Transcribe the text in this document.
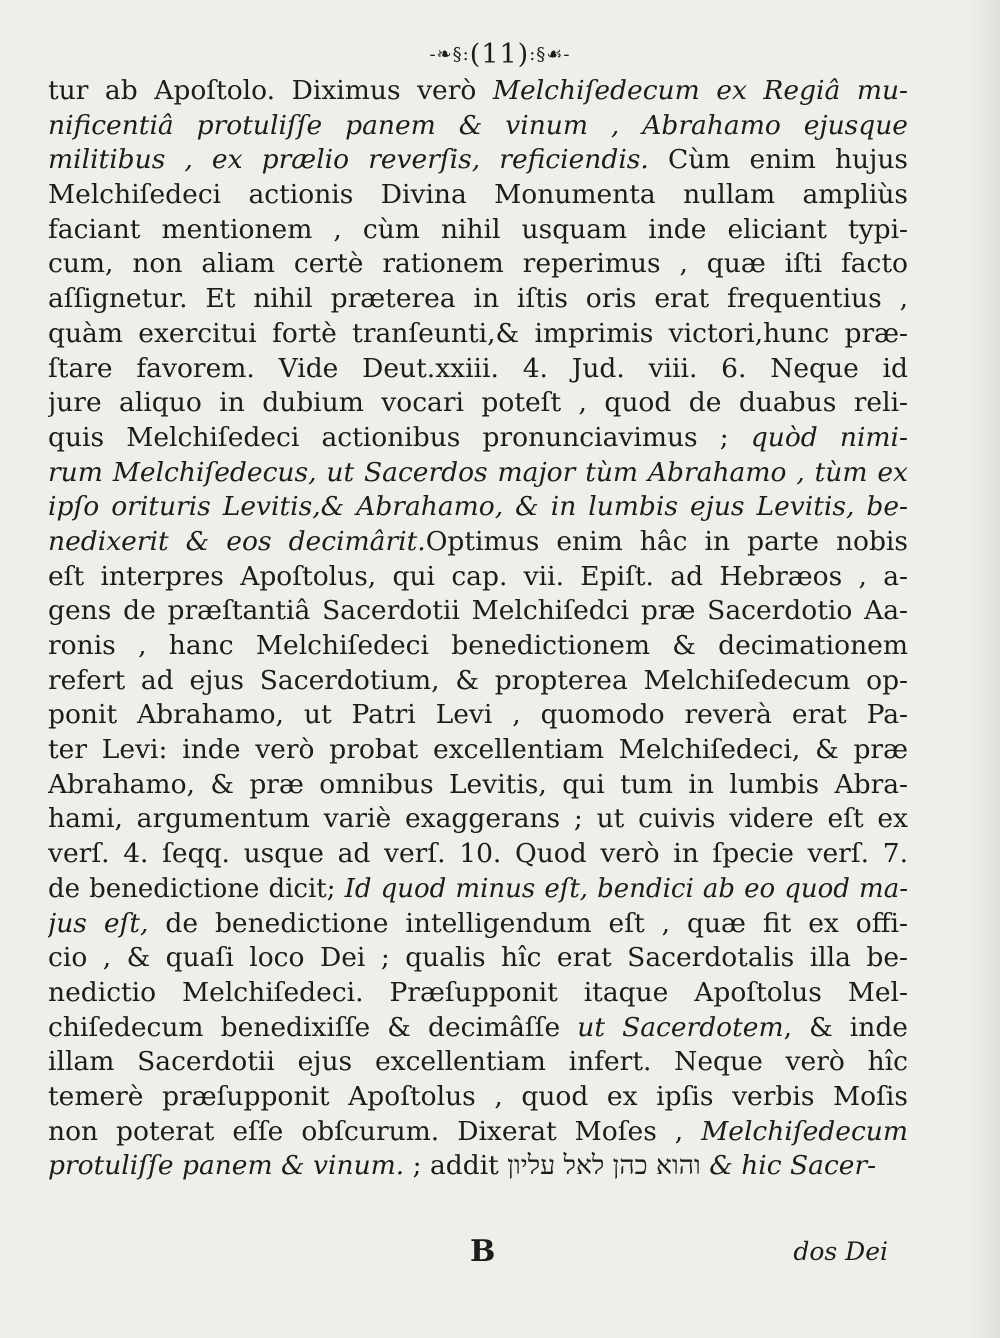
-❧§:(11):§☙-
tur ab Apoſtolo. Diximus verò Melchiſedecum ex Regiâ mu-
nificentiâ protuliſſe panem & vinum , Abrahamo ejusque
militibus , ex prælio reverſis, reficiendis. Cùm enim hujus
Melchiſedeci actionis Divina Monumenta nullam ampliùs
faciant mentionem , cùm nihil usquam inde eliciant typi-
cum, non aliam certè rationem reperimus , quæ iſti facto
aſſignetur. Et nihil præterea in iſtis oris erat frequentius ,
quàm exercitui fortè tranſeunti,& imprimis victori,hunc præ-
ſtare favorem. Vide Deut.xxiii. 4. Jud. viii. 6. Neque id
jure aliquo in dubium vocari poteſt , quod de duabus reli-
quis Melchiſedeci actionibus pronunciavimus ; quòd nimi-
rum Melchiſedecus, ut Sacerdos major tùm Abrahamo , tùm ex
ipſo orituris Levitis,& Abrahamo, & in lumbis ejus Levitis, be-
nedixerit & eos decimârit.Optimus enim hâc in parte nobis
eſt interpres Apoſtolus, qui cap. vii. Epiſt. ad Hebræos , a-
gens de præſtantiâ Sacerdotii Melchiſedci præ Sacerdotio Aa-
ronis , hanc Melchiſedeci benedictionem & decimationem
refert ad ejus Sacerdotium, & propterea Melchiſedecum op-
ponit Abrahamo, ut Patri Levi , quomodo reverà erat Pa-
ter Levi: inde verò probat excellentiam Melchiſedeci, & præ
Abrahamo, & præ omnibus Levitis, qui tum in lumbis Abra-
hami, argumentum variè exaggerans ; ut cuivis videre eſt ex
verſ. 4. ſeqq. usque ad verſ. 10. Quod verò in ſpecie verſ. 7.
de benedictione dicit; Id quod minus eſt, bendici ab eo quod ma-
jus eſt, de benedictione intelligendum eſt , quæ fit ex offi-
cio , & quaſi loco Dei ; qualis hîc erat Sacerdotalis illa be-
nedictio Melchiſedeci. Præſupponit itaque Apoſtolus Mel-
chiſedecum benedixiſſe & decimâſſe ut Sacerdotem, & inde
illam Sacerdotii ejus excellentiam infert. Neque verò hîc
temerè præſupponit Apoſtolus , quod ex ipſis verbis Moſis
non poterat eſſe obſcurum. Dixerat Moſes , Melchiſedecum
protuliſſe panem & vinum. ; addit והוא כהן לאל עליון & hic Sacer-
B	dos Dei
